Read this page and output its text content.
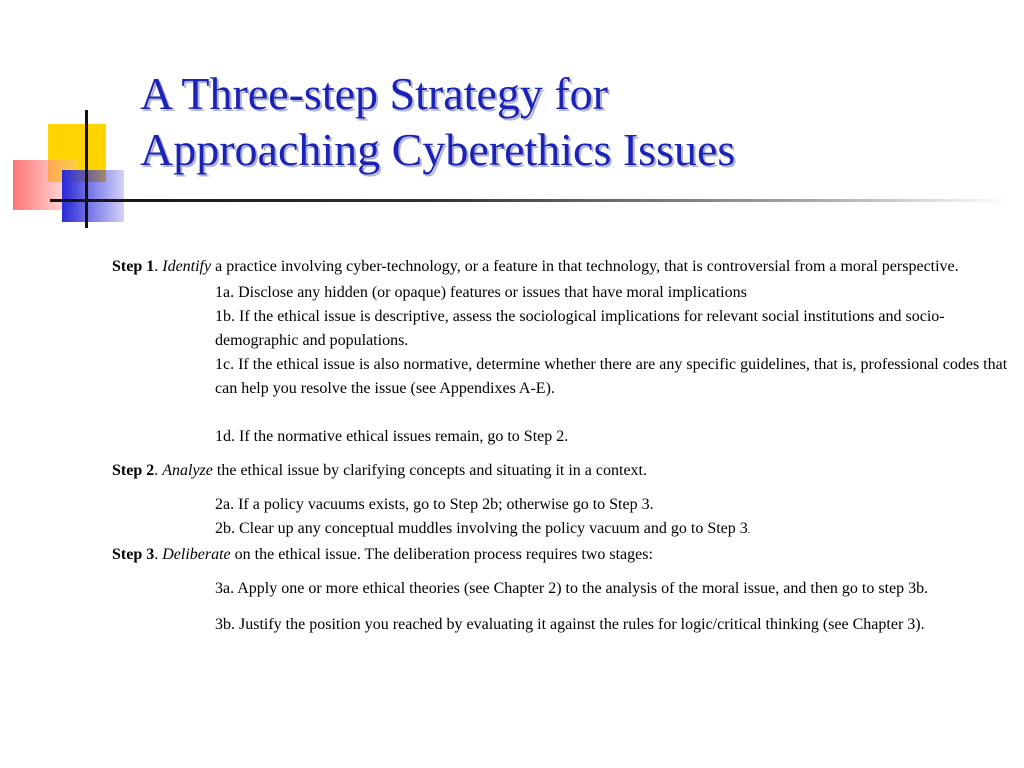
A Three-step Strategy for
Approaching Cyberethics Issues

Step 1. Identify a practice involving cyber-technology, or a feature in that technology, that is controversial from a moral perspective.

1a. Disclose any hidden (or opaque) features or issues that have moral implications

1b. If the ethical issue is descriptive, assess the sociological implications for relevant social institutions and socio-demographic and populations.

1c. If the ethical issue is also normative, determine whether there are any specific guidelines, that is, professional codes that can help you resolve the issue (see Appendixes A-E).

1d. If the normative ethical issues remain, go to Step 2.

Step 2. Analyze the ethical issue by clarifying concepts and situating it in a context.

2a. If a policy vacuums exists, go to Step 2b; otherwise go to Step 3.

2b. Clear up any conceptual muddles involving the policy vacuum and go to Step 3.

Step 3. Deliberate on the ethical issue. The deliberation process requires two stages:

3a. Apply one or more ethical theories (see Chapter 2) to the analysis of the moral issue, and then go to step 3b.

3b. Justify the position you reached by evaluating it against the rules for logic/critical thinking (see Chapter 3).
